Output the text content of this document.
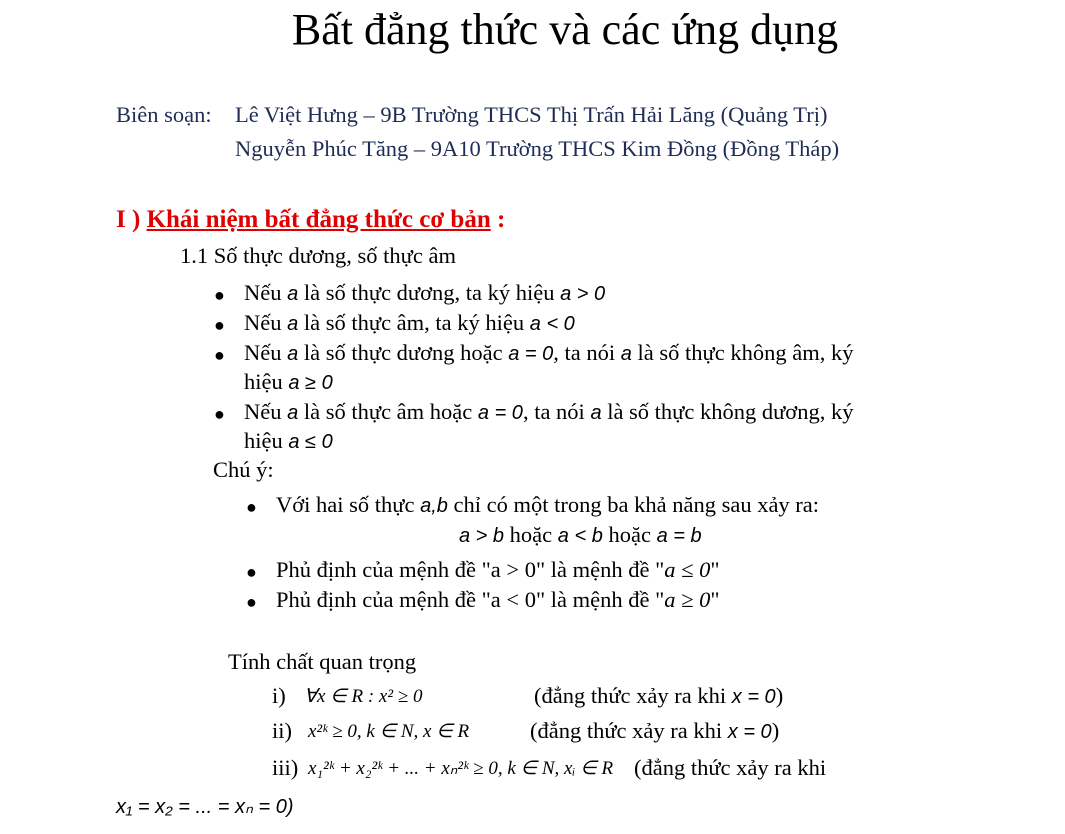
Bất đẳng thức và các ứng dụng
Biên soạn: Lê Việt Hưng – 9B Trường THCS Thị Trấn Hải Lăng (Quảng Trị)
Nguyễn Phúc Tăng – 9A10 Trường THCS Kim Đồng (Đồng Tháp)
I ) Khái niệm bất đẳng thức cơ bản :
1.1 Số thực dương, số thực âm
● Nếu a là số thực dương, ta ký hiệu a > 0
● Nếu a là số thực âm, ta ký hiệu a < 0
● Nếu a là số thực dương hoặc a = 0, ta nói a là số thực không âm, ký
hiệu a ≥ 0
● Nếu a là số thực âm hoặc a = 0, ta nói a là số thực không dương, ký
hiệu a ≤ 0
Chú ý:
● Với hai số thực a,b chỉ có một trong ba khả năng sau xảy ra:
a > b hoặc a < b hoặc a = b
● Phủ định của mệnh đề "a > 0" là mệnh đề "a ≤ 0"
● Phủ định của mệnh đề "a < 0" là mệnh đề "a ≥ 0"
Tính chất quan trọng
i) ∀x ∈ R : x² ≥ 0	(đẳng thức xảy ra khi x = 0)
ii) x²ᵏ ≥ 0, k ∈ N, x ∈ R	(đẳng thức xảy ra khi x = 0)
iii) x₁²ᵏ + x₂²ᵏ + ... + xₙ²ᵏ ≥ 0, k ∈ N, xᵢ ∈ R (đẳng thức xảy ra khi
x₁ = x₂ = ... = xₙ = 0)
